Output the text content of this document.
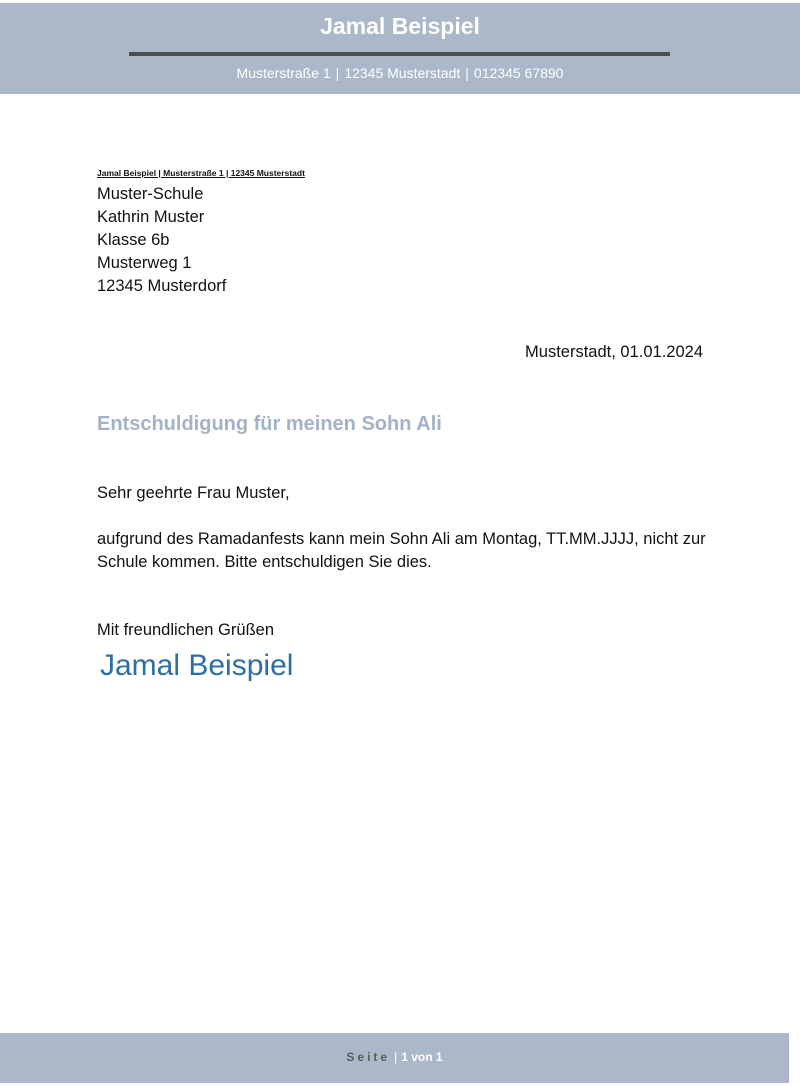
Jamal Beispiel
Musterstraße 1 | 12345 Musterstadt | 012345 67890
Jamal Beispiel | Musterstraße 1 | 12345 Musterstadt
Muster-Schule
Kathrin Muster
Klasse 6b
Musterweg 1
12345 Musterdorf
Musterstadt, 01.01.2024
Entschuldigung für meinen Sohn Ali
Sehr geehrte Frau Muster,
aufgrund des Ramadanfests kann mein Sohn Ali am Montag, TT.MM.JJJJ, nicht zur Schule kommen. Bitte entschuldigen Sie dies.
Mit freundlichen Grüßen
Jamal Beispiel
Seite | 1 von 1
